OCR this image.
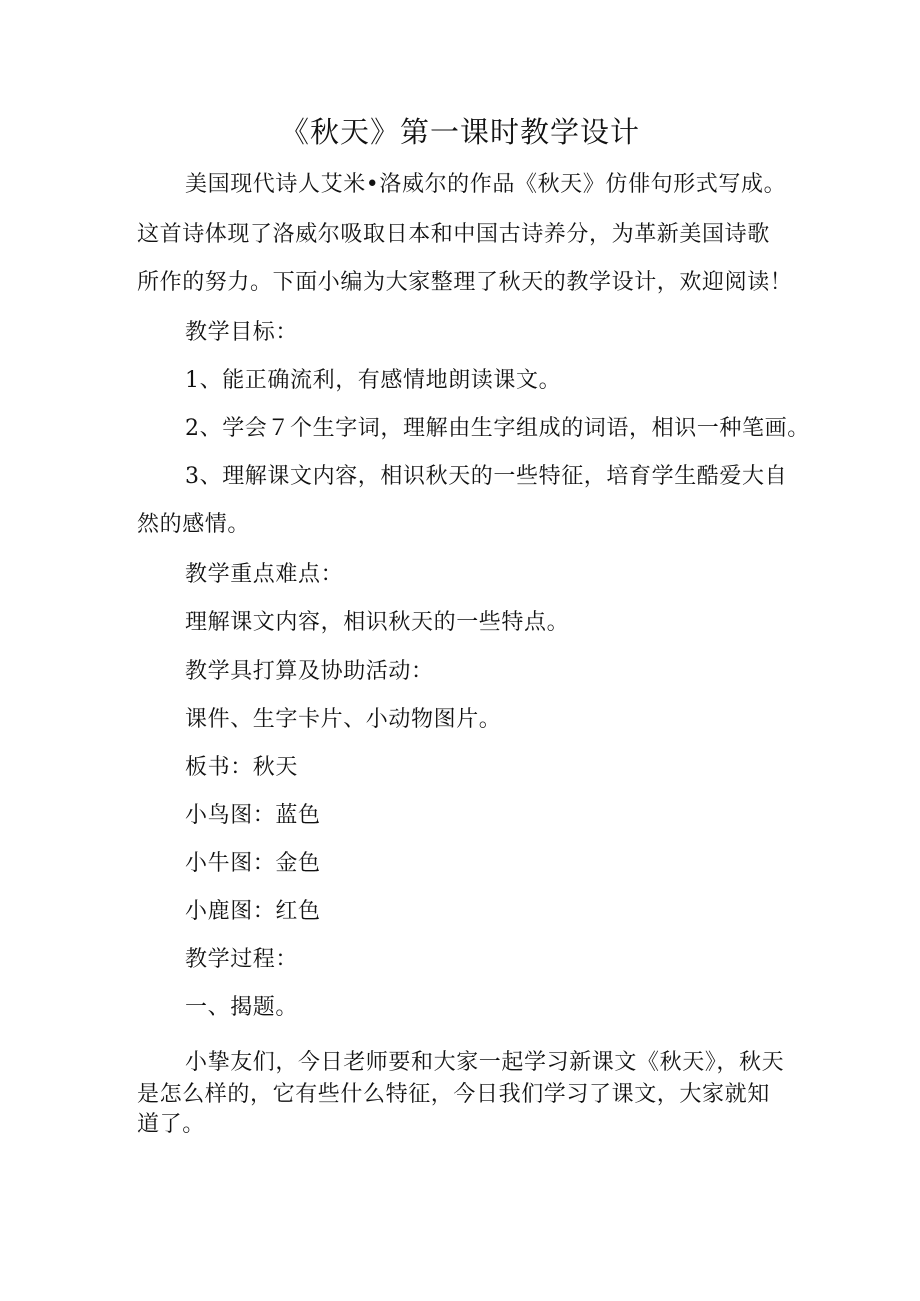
《秋天》第一课时教学设计
美国现代诗人艾米•洛威尔的作品《秋天》仿俳句形式写成。
这首诗体现了洛威尔吸取日本和中国古诗养分，为革新美国诗歌
所作的努力。下面小编为大家整理了秋天的教学设计，欢迎阅读！
教学目标：
1、能正确流利，有感情地朗读课文。
2、学会７个生字词，理解由生字组成的词语，相识一种笔画。
3、理解课文内容，相识秋天的一些特征，培育学生酷爱大自
然的感情。
教学重点难点：
理解课文内容，相识秋天的一些特点。
教学具打算及协助活动：
课件、生字卡片、小动物图片。
板书：秋天
小鸟图：蓝色
小牛图：金色
小鹿图：红色
教学过程：
一、揭题。
小挚友们，今日老师要和大家一起学习新课文《秋天》，秋天
是怎么样的，它有些什么特征，今日我们学习了课文，大家就知
道了。
